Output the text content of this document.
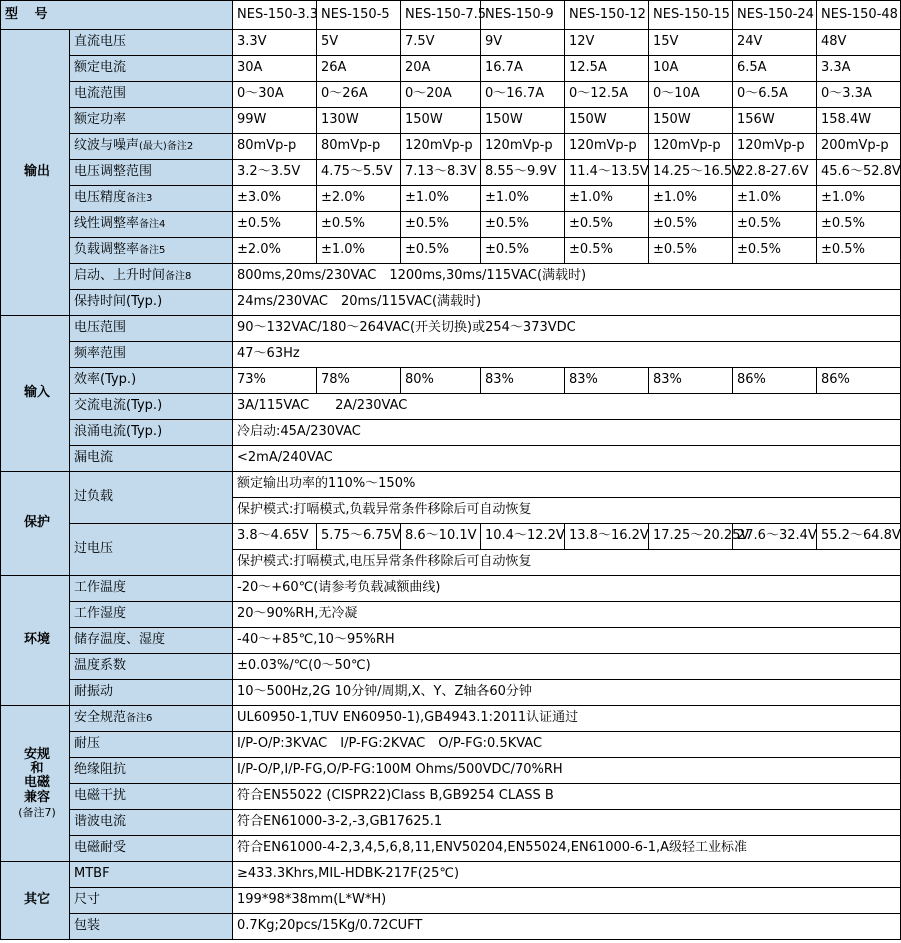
型 号		NES-150-3.3	NES-150-5	NES-150-7.5	NES-150-9	NES-150-12	NES-150-15	NES-150-24	NES-150-48
输出	直流电压	3.3V	5V	7.5V	9V	12V	15V	24V	48V
	额定电流	30A	26A	20A	16.7A	12.5A	10A	6.5A	3.3A
	电流范围	0～30A	0～26A	0～20A	0～16.7A	0～12.5A	0～10A	0～6.5A	0～3.3A
	额定功率	99W	130W	150W	150W	150W	150W	156W	158.4W
	纹波与噪声(最大)备注2	80mVp-p	80mVp-p	120mVp-p	120mVp-p	120mVp-p	120mVp-p	120mVp-p	200mVp-p
	电压调整范围	3.2～3.5V	4.75～5.5V	7.13～8.3V	8.55～9.9V	11.4～13.5V	14.25～16.5V	22.8-27.6V	45.6～52.8V
	电压精度备注3	±3.0%	±2.0%	±1.0%	±1.0%	±1.0%	±1.0%	±1.0%	±1.0%
	线性调整率备注4	±0.5%	±0.5%	±0.5%	±0.5%	±0.5%	±0.5%	±0.5%	±0.5%
	负载调整率备注5	±2.0%	±1.0%	±0.5%	±0.5%	±0.5%	±0.5%	±0.5%	±0.5%
	启动、上升时间备注8	800ms,20ms/230VAC　1200ms,30ms/115VAC(满载时)							
	保持时间(Typ.)	24ms/230VAC　20ms/115VAC(满载时)							
输入	电压范围	90～132VAC/180～264VAC(开关切换)或254～373VDC							
	频率范围	47～63Hz							
	效率(Typ.)	73%	78%	80%	83%	83%	83%	86%	86%
	交流电流(Typ.)	3A/115VAC　　2A/230VAC							
	浪涌电流(Typ.)	冷启动:45A/230VAC							
	漏电流	<2mA/240VAC							
保护	过负载	额定输出功率的110%～150%							
		保护模式:打嗝模式,负载异常条件移除后可自动恢复							
	过电压	3.8～4.65V	5.75～6.75V	8.6～10.1V	10.4～12.2V	13.8～16.2V	17.25～20.25V	27.6～32.4V	55.2～64.8V
		保护模式:打嗝模式,电压异常条件移除后可自动恢复							
环境	工作温度	-20～+60℃(请参考负载减额曲线)							
	工作湿度	20～90%RH,无冷凝							
	储存温度、湿度	-40～+85℃,10～95%RH							
	温度系数	±0.03%/℃(0～50℃)							
	耐振动	10～500Hz,2G 10分钟/周期,X、Y、Z轴各60分钟							

安规
和
电磁
兼容
(备注7)	安全规范备注6	UL60950-1,TUV EN60950-1),GB4943.1:2011认证通过							
	耐压	I/P-O/P:3KVAC　I/P-FG:2KVAC　O/P-FG:0.5KVAC							
	绝缘阻抗	I/P-O/P,I/P-FG,O/P-FG:100M Ohms/500VDC/70%RH							
	电磁干扰	符合EN55022 (CISPR22)Class B,GB9254 CLASS B							
	谐波电流	符合EN61000-3-2,-3,GB17625.1							
	电磁耐受	符合EN61000-4-2,3,4,5,6,8,11,ENV50204,EN55024,EN61000-6-1,A级轻工业标准							
其它	MTBF	≥433.3Khrs,MIL-HDBK-217F(25℃)							
	尺寸	199*98*38mm(L*W*H)							
	包装	0.7Kg;20pcs/15Kg/0.72CUFT							
